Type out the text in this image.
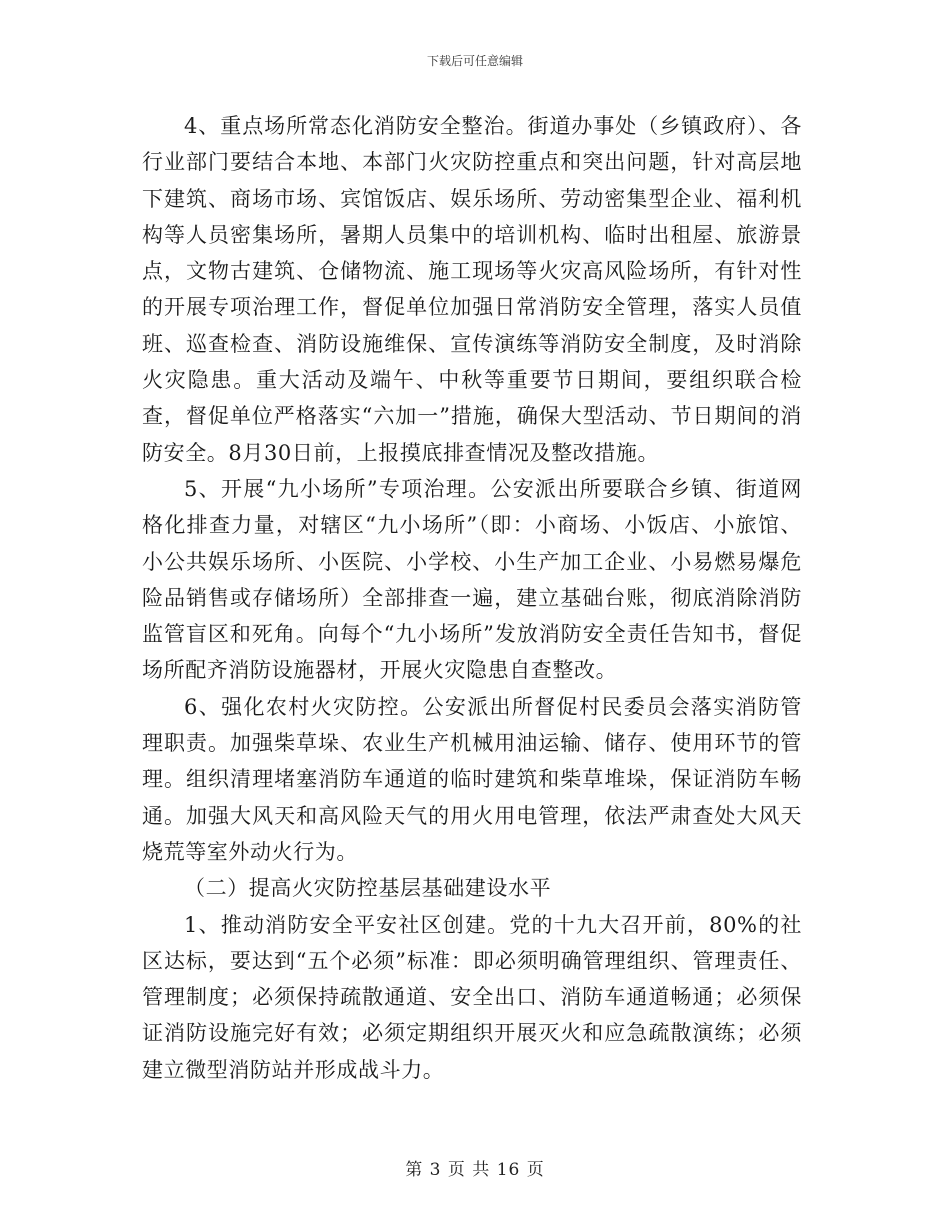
下载后可任意编辑

4、重点场所常态化消防安全整治。街道办事处（乡镇政府）、各行业部门要结合本地、本部门火灾防控重点和突出问题，针对高层地下建筑、商场市场、宾馆饭店、娱乐场所、劳动密集型企业、福利机构等人员密集场所，暑期人员集中的培训机构、临时出租屋、旅游景点，文物古建筑、仓储物流、施工现场等火灾高风险场所，有针对性的开展专项治理工作，督促单位加强日常消防安全管理，落实人员值班、巡查检查、消防设施维保、宣传演练等消防安全制度，及时消除火灾隐患。重大活动及端午、中秋等重要节日期间，要组织联合检查，督促单位严格落实“六加一”措施，确保大型活动、节日期间的消防安全。8月30日前，上报摸底排查情况及整改措施。

5、开展“九小场所”专项治理。公安派出所要联合乡镇、街道网格化排查力量，对辖区“九小场所”（即：小商场、小饭店、小旅馆、小公共娱乐场所、小医院、小学校、小生产加工企业、小易燃易爆危险品销售或存储场所）全部排查一遍，建立基础台账，彻底消除消防监管盲区和死角。向每个“九小场所”发放消防安全责任告知书，督促场所配齐消防设施器材，开展火灾隐患自查整改。

6、强化农村火灾防控。公安派出所督促村民委员会落实消防管理职责。加强柴草垛、农业生产机械用油运输、储存、使用环节的管理。组织清理堵塞消防车通道的临时建筑和柴草堆垛，保证消防车畅通。加强大风天和高风险天气的用火用电管理，依法严肃查处大风天烧荒等室外动火行为。

（二）提高火灾防控基层基础建设水平

1、推动消防安全平安社区创建。党的十九大召开前，80%的社区达标，要达到“五个必须”标准：即必须明确管理组织、管理责任、管理制度；必须保持疏散通道、安全出口、消防车通道畅通；必须保证消防设施完好有效；必须定期组织开展灭火和应急疏散演练；必须建立微型消防站并形成战斗力。

第 3 页 共 16 页
